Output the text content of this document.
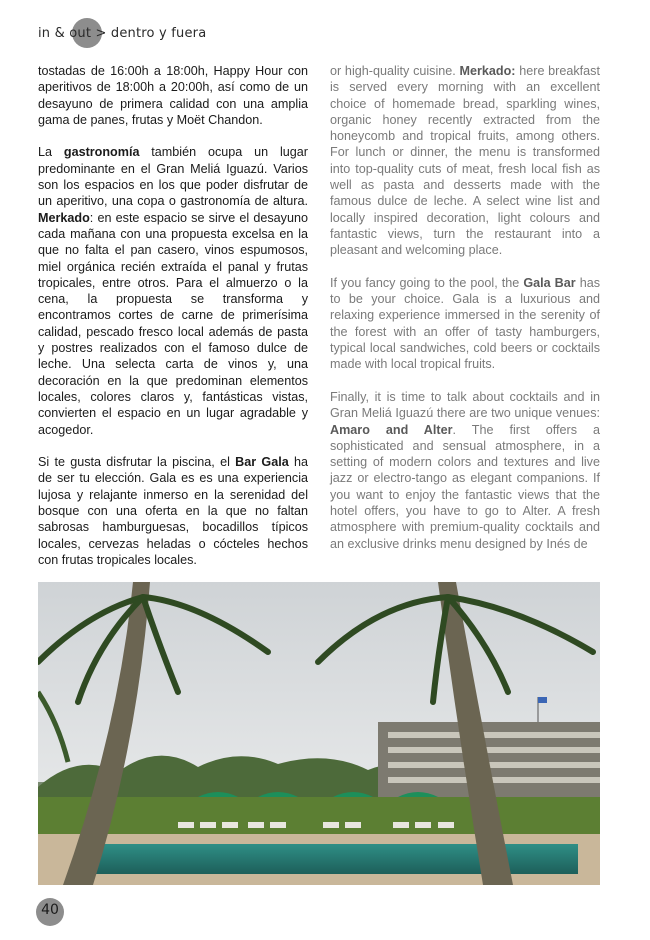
in & out > dentro y fuera

tostadas de 16:00h a 18:00h, Happy Hour con aperitivos de 18:00h a 20:00h, así como de un desayuno de primera calidad con una amplia gama de panes, frutas y Moët Chandon.

La gastronomía también ocupa un lugar predominante en el Gran Meliá Iguazú. Varios son los espacios en los que poder disfrutar de un aperitivo, una copa o gastronomía de altura. Merkado: en este espacio se sirve el desayuno cada mañana con una propuesta excelsa en la que no falta el pan casero, vinos espumosos, miel orgánica recién extraída el panal y frutas tropicales, entre otros. Para el almuerzo o la cena, la propuesta se transforma y encontramos cortes de carne de primerísima calidad, pescado fresco local además de pasta y postres realizados con el famoso dulce de leche. Una selecta carta de vinos y, una decoración en la que predominan elementos locales, colores claros y, fantásticas vistas, convierten el espacio en un lugar agradable y acogedor.

Si te gusta disfrutar la piscina, el Bar Gala ha de ser tu elección. Gala es es una experiencia lujosa y relajante inmerso en la serenidad del bosque con una oferta en la que no faltan sabrosas hamburguesas, bocadillos típicos locales, cervezas heladas o cócteles hechos con frutas tropicales locales.

or high-quality cuisine. Merkado: here breakfast is served every morning with an excellent choice of homemade bread, sparkling wines, organic honey recently extracted from the honeycomb and tropical fruits, among others. For lunch or dinner, the menu is transformed into top-quality cuts of meat, fresh local fish as well as pasta and desserts made with the famous dulce de leche. A select wine list and locally inspired decoration, light colours and fantastic views, turn the restaurant into a pleasant and welcoming place.

If you fancy going to the pool, the Gala Bar has to be your choice. Gala is a luxurious and relaxing experience immersed in the serenity of the forest with an offer of tasty hamburgers, typical local sandwiches, cold beers or cocktails made with local tropical fruits.

Finally, it is time to talk about cocktails and in Gran Meliá Iguazú there are two unique venues: Amaro and Alter. The first offers a sophisticated and sensual atmosphere, in a setting of modern colors and textures and live jazz or electro-tango as elegant companions. If you want to enjoy the fantastic views that the hotel offers, you have to go to Alter. A fresh atmosphere with premium-quality cocktails and an exclusive drinks menu designed by Inés de

40
